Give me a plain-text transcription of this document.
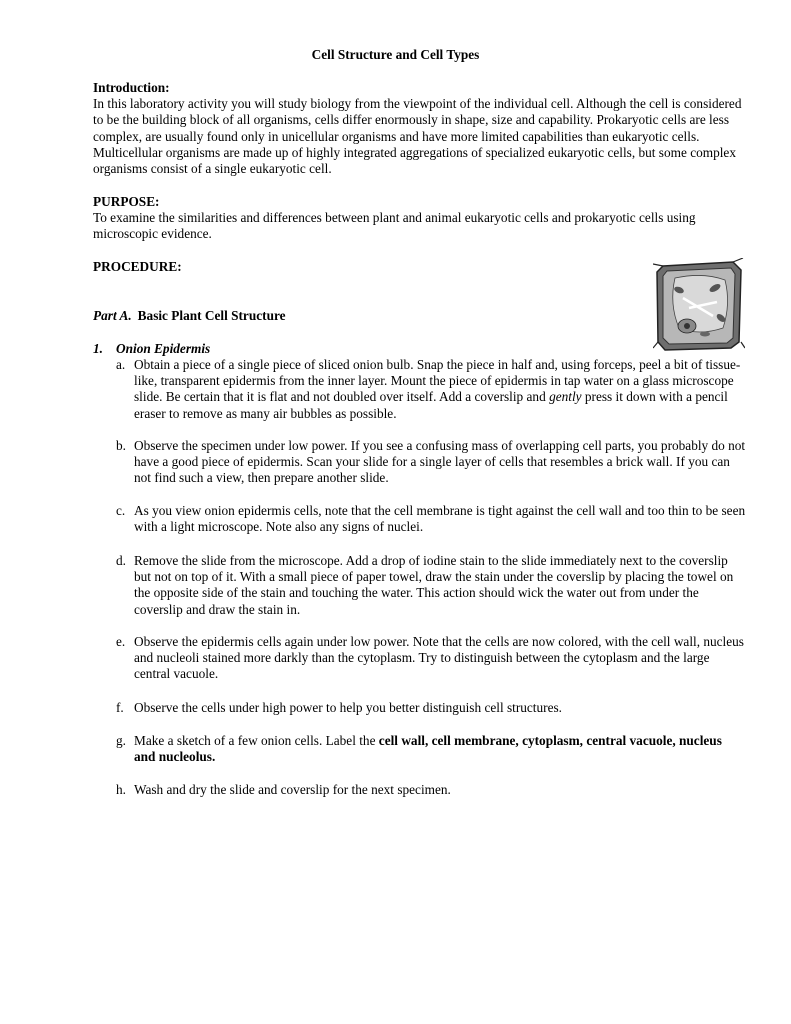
Cell Structure and Cell Types
Introduction:

In this laboratory activity you will study biology from the viewpoint of the individual cell. Although the cell is considered to be the building block of all organisms, cells differ enormously in shape, size and capability. Prokaryotic cells are less complex, are usually found only in unicellular organisms and have more limited capabilities than eukaryotic cells. Multicellular organisms are made up of highly integrated aggregations of specialized eukaryotic cells, but some complex organisms consist of a single eukaryotic cell.

PURPOSE:

To examine the similarities and differences between plant and animal eukaryotic cells and prokaryotic cells using microscopic evidence.

PROCEDURE:
Part A. Basic Plant Cell Structure
1. Onion Epidermis
a. Obtain a piece of a single piece of sliced onion bulb. Snap the piece in half and, using forceps, peel a bit of tissue-like, transparent epidermis from the inner layer. Mount the piece of epidermis in tap water on a glass microscope slide. Be certain that it is flat and not doubled over itself. Add a coverslip and gently press it down with a pencil eraser to remove as many air bubbles as possible.
b. Observe the specimen under low power. If you see a confusing mass of overlapping cell parts, you probably do not have a good piece of epidermis. Scan your slide for a single layer of cells that resembles a brick wall. If you can not find such a view, then prepare another slide.
c. As you view onion epidermis cells, note that the cell membrane is tight against the cell wall and too thin to be seen with a light microscope. Note also any signs of nuclei.
d. Remove the slide from the microscope. Add a drop of iodine stain to the slide immediately next to the coverslip but not on top of it. With a small piece of paper towel, draw the stain under the coverslip by placing the towel on the opposite side of the stain and touching the water. This action should wick the water out from under the coverslip and draw the stain in.
e. Observe the epidermis cells again under low power. Note that the cells are now colored, with the cell wall, nucleus and nucleoli stained more darkly than the cytoplasm. Try to distinguish between the cytoplasm and the large central vacuole.
f. Observe the cells under high power to help you better distinguish cell structures.
g. Make a sketch of a few onion cells. Label the cell wall, cell membrane, cytoplasm, central vacuole, nucleus and nucleolus.
h. Wash and dry the slide and coverslip for the next specimen.
